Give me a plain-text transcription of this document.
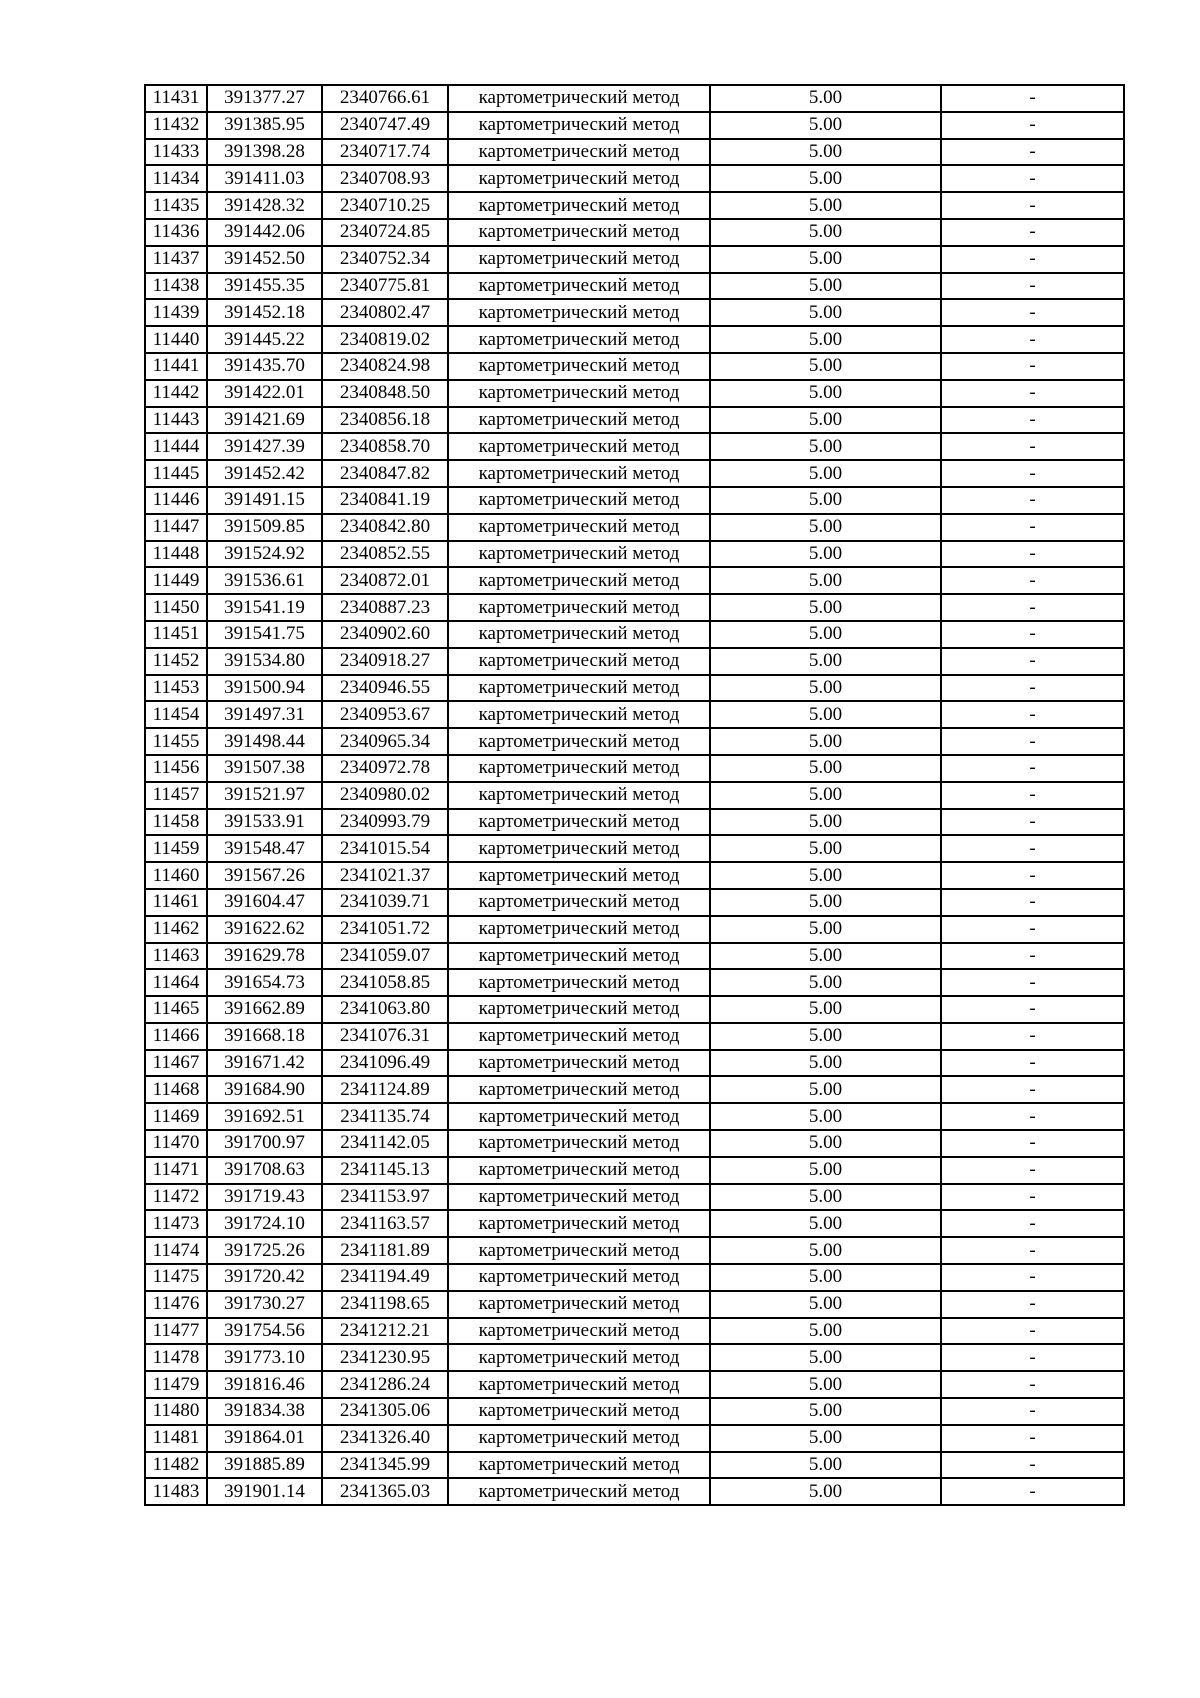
11431	391377.27	2340766.61	картометрический метод	5.00	-
11432	391385.95	2340747.49	картометрический метод	5.00	-
11433	391398.28	2340717.74	картометрический метод	5.00	-
11434	391411.03	2340708.93	картометрический метод	5.00	-
11435	391428.32	2340710.25	картометрический метод	5.00	-
11436	391442.06	2340724.85	картометрический метод	5.00	-
11437	391452.50	2340752.34	картометрический метод	5.00	-
11438	391455.35	2340775.81	картометрический метод	5.00	-
11439	391452.18	2340802.47	картометрический метод	5.00	-
11440	391445.22	2340819.02	картометрический метод	5.00	-
11441	391435.70	2340824.98	картометрический метод	5.00	-
11442	391422.01	2340848.50	картометрический метод	5.00	-
11443	391421.69	2340856.18	картометрический метод	5.00	-
11444	391427.39	2340858.70	картометрический метод	5.00	-
11445	391452.42	2340847.82	картометрический метод	5.00	-
11446	391491.15	2340841.19	картометрический метод	5.00	-
11447	391509.85	2340842.80	картометрический метод	5.00	-
11448	391524.92	2340852.55	картометрический метод	5.00	-
11449	391536.61	2340872.01	картометрический метод	5.00	-
11450	391541.19	2340887.23	картометрический метод	5.00	-
11451	391541.75	2340902.60	картометрический метод	5.00	-
11452	391534.80	2340918.27	картометрический метод	5.00	-
11453	391500.94	2340946.55	картометрический метод	5.00	-
11454	391497.31	2340953.67	картометрический метод	5.00	-
11455	391498.44	2340965.34	картометрический метод	5.00	-
11456	391507.38	2340972.78	картометрический метод	5.00	-
11457	391521.97	2340980.02	картометрический метод	5.00	-
11458	391533.91	2340993.79	картометрический метод	5.00	-
11459	391548.47	2341015.54	картометрический метод	5.00	-
11460	391567.26	2341021.37	картометрический метод	5.00	-
11461	391604.47	2341039.71	картометрический метод	5.00	-
11462	391622.62	2341051.72	картометрический метод	5.00	-
11463	391629.78	2341059.07	картометрический метод	5.00	-
11464	391654.73	2341058.85	картометрический метод	5.00	-
11465	391662.89	2341063.80	картометрический метод	5.00	-
11466	391668.18	2341076.31	картометрический метод	5.00	-
11467	391671.42	2341096.49	картометрический метод	5.00	-
11468	391684.90	2341124.89	картометрический метод	5.00	-
11469	391692.51	2341135.74	картометрический метод	5.00	-
11470	391700.97	2341142.05	картометрический метод	5.00	-
11471	391708.63	2341145.13	картометрический метод	5.00	-
11472	391719.43	2341153.97	картометрический метод	5.00	-
11473	391724.10	2341163.57	картометрический метод	5.00	-
11474	391725.26	2341181.89	картометрический метод	5.00	-
11475	391720.42	2341194.49	картометрический метод	5.00	-
11476	391730.27	2341198.65	картометрический метод	5.00	-
11477	391754.56	2341212.21	картометрический метод	5.00	-
11478	391773.10	2341230.95	картометрический метод	5.00	-
11479	391816.46	2341286.24	картометрический метод	5.00	-
11480	391834.38	2341305.06	картометрический метод	5.00	-
11481	391864.01	2341326.40	картометрический метод	5.00	-
11482	391885.89	2341345.99	картометрический метод	5.00	-
11483	391901.14	2341365.03	картометрический метод	5.00	-
